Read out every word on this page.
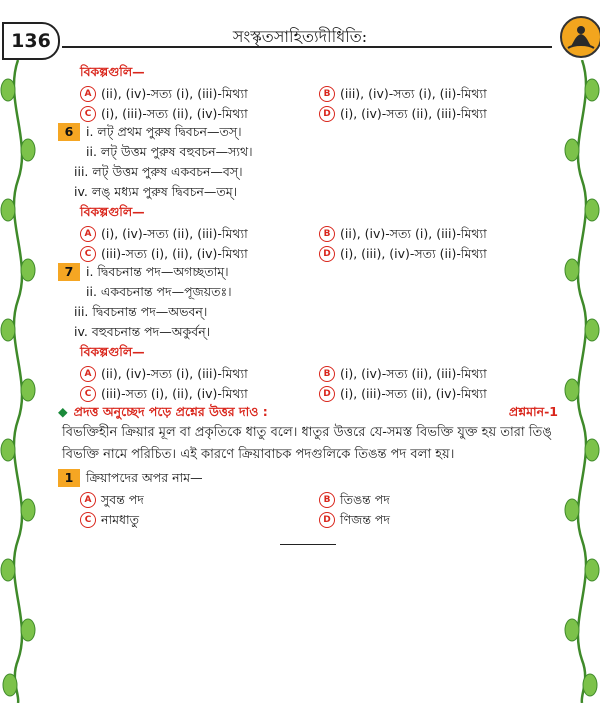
136	সংস্কৃতসাহিত্যদীধিতি:
বিকল্পগুলি—
A (ii), (iv)-সত্য (i), (iii)-মিথ্যা	B (iii), (iv)-সত্য (i), (ii)-মিথ্যা
C (i), (iii)-সত্য (ii), (iv)-মিথ্যা	D (i), (iv)-সত্য (ii), (iii)-মিথ্যা
6 i. লট্ প্রথম পুরুষ দ্বিবচন—তস্।
ii. লট্ উত্তম পুরুষ বহুবচন—স্যথ।
iii. লট্ উত্তম পুরুষ একবচন—বস্।
iv. লঙ্ মধ্যম পুরুষ দ্বিবচন—তম্।
বিকল্পগুলি—
A (i), (iv)-সত্য (ii), (iii)-মিথ্যা	B (ii), (iv)-সত্য (i), (iii)-মিথ্যা
C (iii)-সত্য (i), (ii), (iv)-মিথ্যা	D (i), (iii), (iv)-সত্য (ii)-মিথ্যা
7 i. দ্বিবচনান্ত পদ—অগচ্ছতাম্।
ii. একবচনান্ত পদ—পূজয়তঃ।
iii. দ্বিবচনান্ত পদ—অভবন্।
iv. বহুবচনান্ত পদ—অকুর্বন্।
বিকল্পগুলি—
A (ii), (iv)-সত্য (i), (iii)-মিথ্যা	B (i), (iv)-সত্য (ii), (iii)-মিথ্যা
C (iii)-সত্য (i), (ii), (iv)-মিথ্যা	D (i), (iii)-সত্য (ii), (iv)-মিথ্যা
◆ প্রদত্ত অনুচ্ছেদ পড়ে প্রশ্নের উত্তর দাও :	প্রশ্নমান-1
বিভক্তিহীন ক্রিয়ার মূল বা প্রকৃতিকে ধাতু বলে। ধাতুর উত্তরে যে-সমস্ত বিভক্তি যুক্ত হয় তারা তিঙ্ বিভক্তি নামে পরিচিত। এই কারণে ক্রিয়াবাচক পদগুলিকে তিঙন্ত পদ বলা হয়।
1 ক্রিয়াপদের অপর নাম—
A সুবন্ত পদ	B তিঙন্ত পদ
C নামধাতু	D ণিজন্ত পদ
